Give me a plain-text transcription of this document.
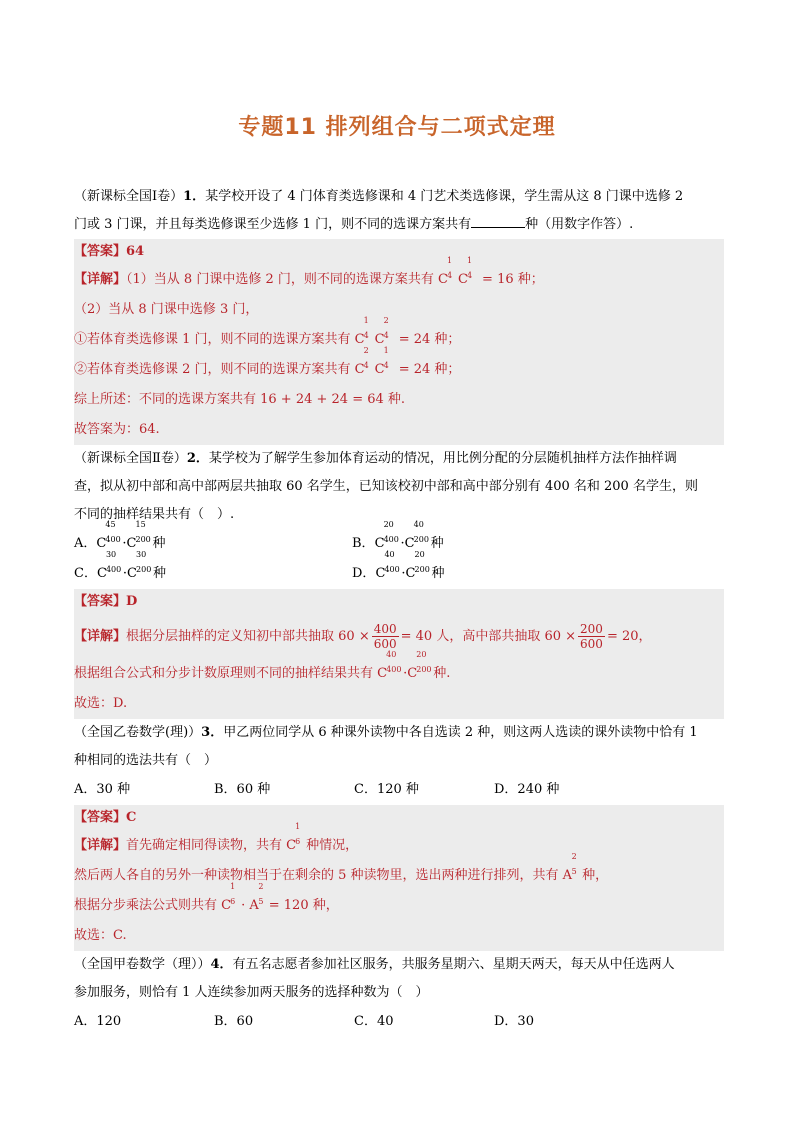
专题11 排列组合与二项式定理
（新课标全国Ⅰ卷）1．某学校开设了 4 门体育类选修课和 4 门艺术类选修课，学生需从这 8 门课中选修 2
门或 3 门课，并且每类选修课至少选修 1 门，则不同的选课方案共有	种（用数字作答）.
【答案】64
【详解】（1）当从 8 门课中选修 2 门，则不同的选课方案共有 C
1
4 C
1
4 = 16 种；
（2）当从 8 门课中选修 3 门，
①若体育类选修课 1 门，则不同的选课方案共有 C
1
4 C
2
4 = 24 种；
②若体育类选修课 2 门，则不同的选课方案共有 C
2
4 C
1
4 = 24 种；
综上所述：不同的选课方案共有 16 + 24 + 24 = 64 种.
故答案为：64.
（新课标全国Ⅱ卷）2．某学校为了解学生参加体育运动的情况，用比例分配的分层随机抽样方法作抽样调
查，拟从初中部和高中部两层共抽取 60 名学生，已知该校初中部和高中部分别有 400 名和 200 名学生，则
不同的抽样结果共有（　）.
A．C
45
400 ·C
15
200 种	B．C
20
400 ·C
40
200 种
C．C
30
400 ·C
30
200 种	D．C
40
400 ·C
20
200 种
【答案】D
【详解】根据分层抽样的定义知初中部共抽取 $60 \times \frac{400}{600} = 40$ 人，高中部共抽取 $60 \times \frac{200}{600} = 20$，
根据组合公式和分步计数原理则不同的抽样结果共有 C
40
400 ·C
20
200 种.
故选：D.
（全国乙卷数学(理)）3．甲乙两位同学从 6 种课外读物中各自选读 2 种，则这两人选读的课外读物中恰有 1
种相同的选法共有（　）
A．30 种	B．60 种	C．120 种	D．240 种
【答案】C
【详解】首先确定相同得读物，共有 C
1
6 种情况，
然后两人各自的另外一种读物相当于在剩余的 5 种读物里，选出两种进行排列，共有 A
2
5 种，
根据分步乘法公式则共有 C
1
6 · A
2
5 = 120 种，
故选：C.
（全国甲卷数学（理））4．有五名志愿者参加社区服务，共服务星期六、星期天两天，每天从中任选两人
参加服务，则恰有 1 人连续参加两天服务的选择种数为（　）
A．120	B．60	C．40	D．30
